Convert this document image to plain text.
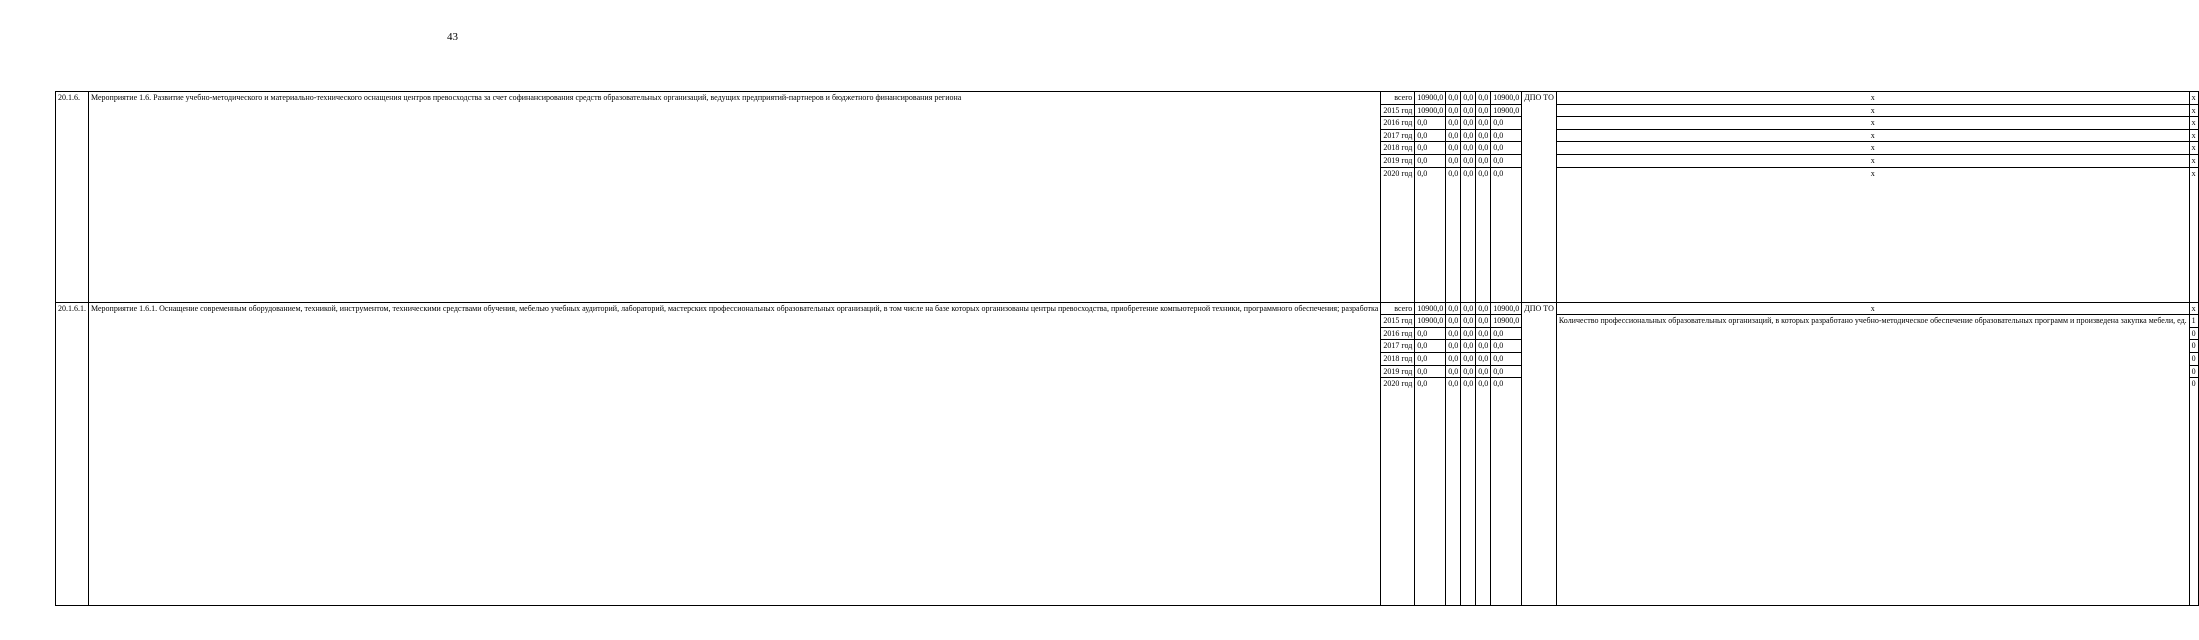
43
20.1.6.	Мероприятие 1.6. Развитие учебно-методического и материально-технического оснащения центров превосходства за счет софинансирования средств образовательных организаций, ведущих предприятий-партнеров и бюджетного финансирования региона	всего	10900,0	0,0	0,0	0,0	10900,0	ДПО ТО	х	х
		2015 год	10900,0	0,0	0,0	0,0	10900,0		х	х
		2016 год	0,0	0,0	0,0	0,0	0,0		х	х
		2017 год	0,0	0,0	0,0	0,0	0,0		х	х
		2018 год	0,0	0,0	0,0	0,0	0,0		х	х
		2019 год	0,0	0,0	0,0	0,0	0,0		х	х
		2020 год	0,0	0,0	0,0	0,0	0,0		х	х

20.1.6.1.	Мероприятие 1.6.1. Оснащение современным оборудованием, техникой, инструментом, техническими средствами обучения, мебелью учебных аудиторий, лабораторий, мастерских профессиональных образовательных организаций, в том числе на базе которых организованы центры превосходства, приобретение компьютерной техники, программного обеспечения; разработка	всего	10900,0	0,0	0,0	0,0	10900,0	ДПО ТО	х	х
		2015 год	10900,0	0,0	0,0	0,0	10900,0		Количество профессиональных образовательных организаций, в которых разработано учебно-методическое обеспечение образовательных программ и произведена закупка мебели, ед.	1
		2016 год	0,0	0,0	0,0	0,0	0,0			0
		2017 год	0,0	0,0	0,0	0,0	0,0			0
		2018 год	0,0	0,0	0,0	0,0	0,0			0
		2019 год	0,0	0,0	0,0	0,0	0,0			0
		2020 год	0,0	0,0	0,0	0,0	0,0			0
